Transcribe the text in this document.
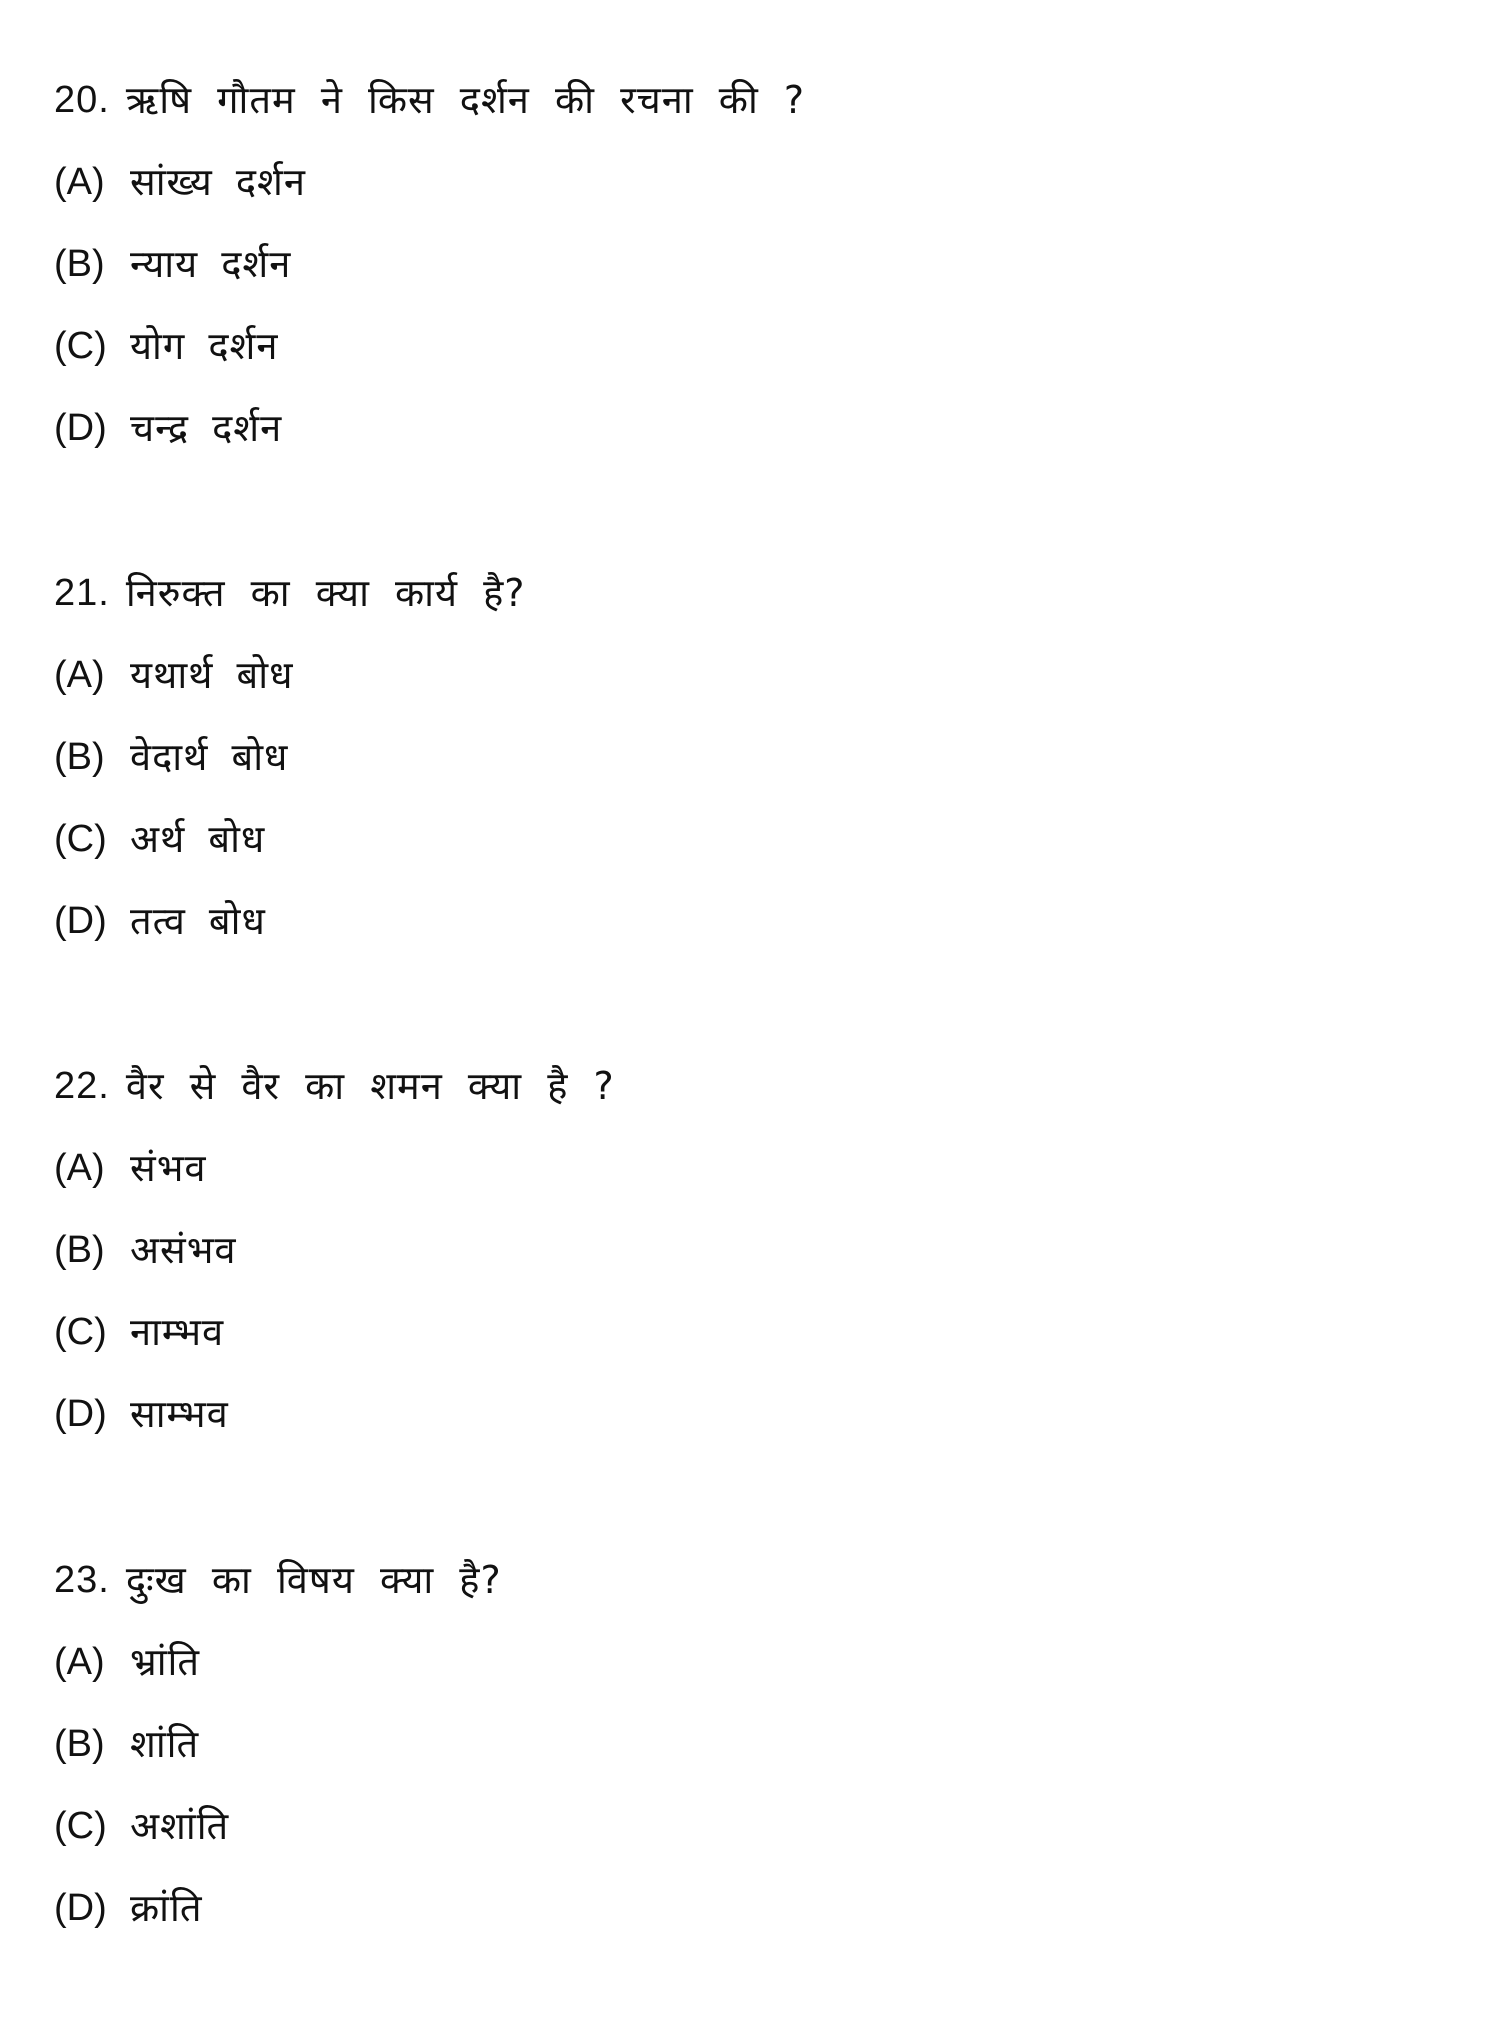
20. ऋषि गौतम ने किस दर्शन की रचना की ?
(A) सांख्य दर्शन
(B) न्याय दर्शन
(C) योग दर्शन
(D) चन्द्र दर्शन
21. निरुक्त का क्या कार्य है?
(A) यथार्थ बोध
(B) वेदार्थ बोध
(C) अर्थ बोध
(D) तत्व बोध
22. वैर से वैर का शमन क्या है ?
(A) संभव
(B) असंभव
(C) नाम्भव
(D) साम्भव
23. दुःख का विषय क्या है?
(A) भ्रांति
(B) शांति
(C) अशांति
(D) क्रांति
